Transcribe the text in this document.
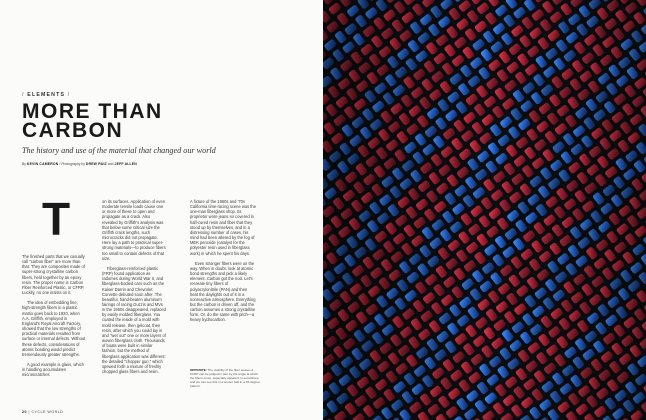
/ ELEMENTS /
MORE THAN
CARBON

The history and use of the material that changed our world

By KEVIN CAMERON / Photography by DREW RUIZ and JEFF ALLEN
T

The finished parts that we casually call "carbon fiber" are more than that. They are composites made of super-strong crystalline carbon fibers, held together by an epoxy resin. The proper name is Carbon Fiber Reinforced Plastic, or CFRP. Luckily, no one insists on it.

The idea of embedding fine, high-strength fibers in a plastic matrix goes back to 1920, when A.A. Griffith, employed in England's Royal Aircraft Factory, showed that the low strengths of practical materials resulted from surface or internal defects. Without these defects, considerations of atomic bonding would predict tremendously greater strengths.

A good example is glass, which in handling accumulates microscratches

on its surfaces. Application of even moderate tensile loads cause one or more of these to open and propagate as a crack. Also revealed by Griffith's analysis was that below some critical size the Griffith crack lengths, such microcracks did not propagate. Here lay a path to practical super-strong materials—to produce fibers too small to contain defects of that size.

Fiberglass-reinforced plastic (FRP) found application as radomes during World War II, and fiberglass-bodied cars such as the Kaiser Darrin and Chevrolet Corvette debuted soon after. The beautiful, hand-beaten aluminum fairings of racing Guzzis and MVs in the 1950s disappeared, replaced by easily molded fiberglass. You coated the inside of a mold with mold release, then gelcoat, then resin, after which you could lay in and "wet out" one or more layers of woven fiberglass cloth. Thousands of boats were built in similar fashion, but the method of fiberglass application was different: the detailed "chopper gun," which spewed forth a mixture of freshly chopped glass fibers and resin.

A fixture of the 1960s and '70s California time-racing scene was the one-man fiberglass shop. Its proprietor wore jeans so covered in half-cured resin and fiber that they stood up by themselves, and in a distressing number of cases, his mind had been altered by the fog of MEK peroxide (catalyst for the polyester resin used in fiberglass work) in which he spent his days.

Even stronger fibers were on the way. When in doubt, look at atomic bond strengths and pick a likely element. Carbon got the nod. Let's recreate tiny fibers of polyacrylonitrile (PAN) and then heat the daylights out of it in a nonreactive atmosphere. Everything but the carbon is driven off, and the carbon assumes a strong crystalline form. Or, do the same with pitch—a heavy hydrocarbon.

OPPOSITE: The visibility of the fiber weave of CFRP can be judged in part by the angle at which the fibers cross, especially apparent in sometimes, and we can see this in a woven twill in a 45-degree pattern.

20 | CYCLE WORLD
